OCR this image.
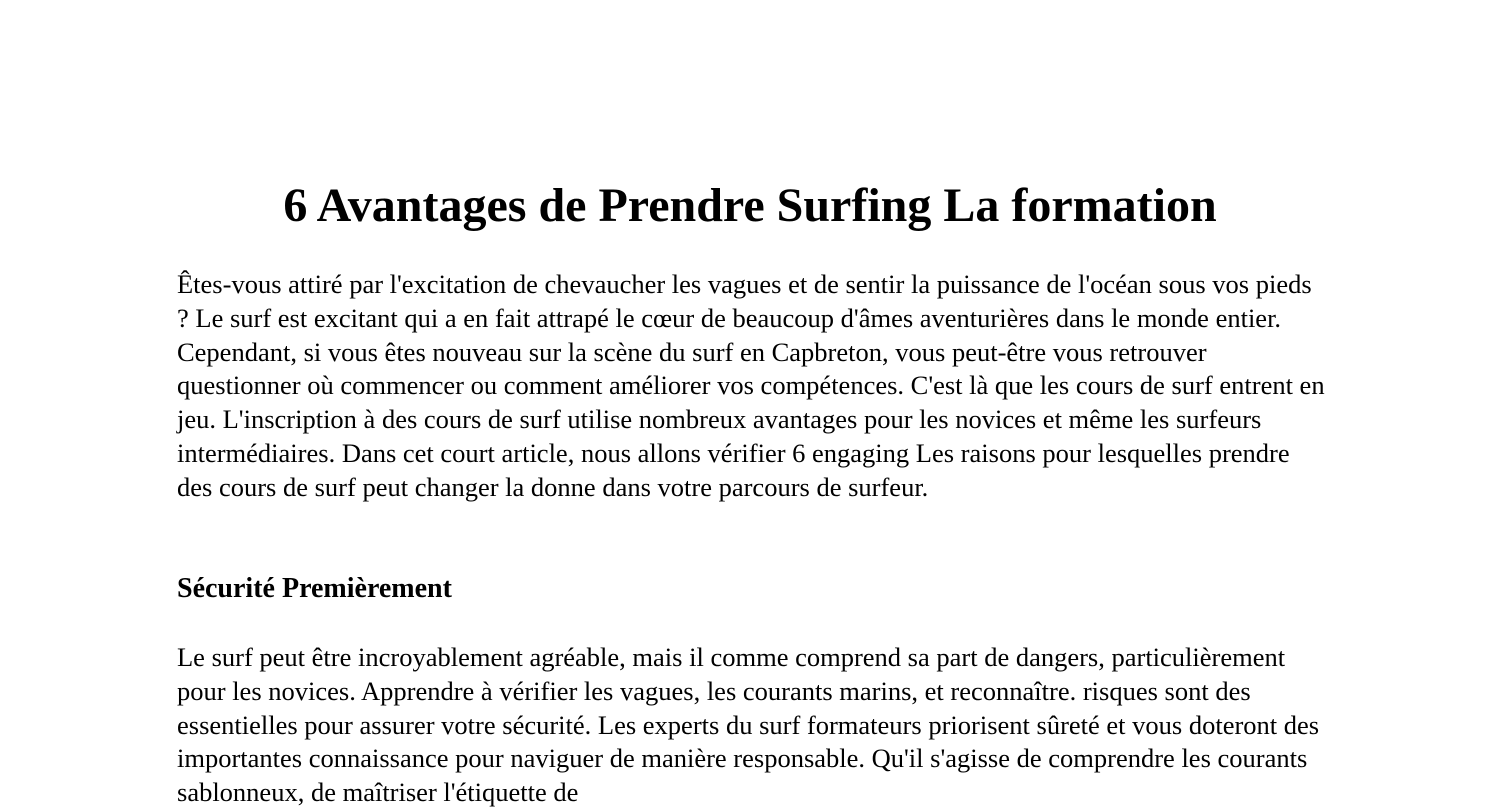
6 Avantages de Prendre Surfing La formation

Êtes-vous attiré par l'excitation de chevaucher les vagues et de sentir la puissance de l'océan sous vos pieds ? Le surf est excitant qui a en fait attrapé le cœur de beaucoup d'âmes aventurières dans le monde entier. Cependant, si vous êtes nouveau sur la scène du surf en Capbreton, vous peut-être vous retrouver questionner où commencer ou comment améliorer vos compétences. C'est là que les cours de surf entrent en jeu. L'inscription à des cours de surf utilise nombreux avantages pour les novices et même les surfeurs intermédiaires. Dans cet court article, nous allons vérifier 6 engaging Les raisons pour lesquelles prendre des cours de surf peut changer la donne dans votre parcours de surfeur.

Sécurité Premièrement

Le surf peut être incroyablement agréable, mais il comme comprend sa part de dangers, particulièrement pour les novices. Apprendre à vérifier les vagues, les courants marins, et reconnaître. risques sont des essentielles pour assurer votre sécurité. Les experts du surf formateurs priorisent sûreté et vous doteront des importantes connaissance pour naviguer de manière responsable. Qu'il s'agisse de comprendre les courants sablonneux, de maîtriser l'étiquette de
